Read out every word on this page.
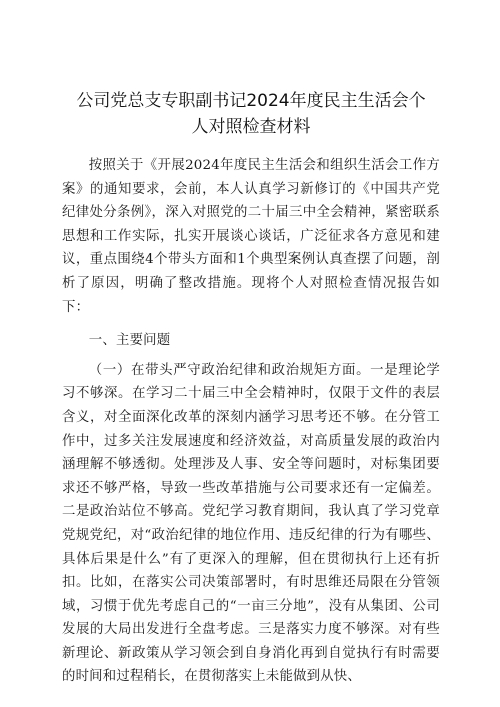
公司党总支专职副书记2024年度民主生活会个
人对照检查材料

按照关于《开展2024年度民主生活会和组织生活会工作方案》的通知要求，会前，本人认真学习新修订的《中国共产党纪律处分条例》，深入对照党的二十届三中全会精神，紧密联系思想和工作实际，扎实开展谈心谈话，广泛征求各方意见和建议，重点围绕4个带头方面和1个典型案例认真查摆了问题，剖析了原因，明确了整改措施。现将个人对照检查情况报告如下：

一、主要问题

（一）在带头严守政治纪律和政治规矩方面。一是理论学习不够深。在学习二十届三中全会精神时，仅限于文件的表层含义，对全面深化改革的深刻内涵学习思考还不够。在分管工作中，过多关注发展速度和经济效益，对高质量发展的政治内涵理解不够透彻。处理涉及人事、安全等问题时，对标集团要求还不够严格，导致一些改革措施与公司要求还有一定偏差。二是政治站位不够高。党纪学习教育期间，我认真了学习党章党规党纪，对“政治纪律的地位作用、违反纪律的行为有哪些、具体后果是什么”有了更深入的理解，但在贯彻执行上还有折扣。比如，在落实公司决策部署时，有时思维还局限在分管领域，习惯于优先考虑自己的“一亩三分地”，没有从集团、公司发展的大局出发进行全盘考虑。三是落实力度不够深。对有些新理论、新政策从学习领会到自身消化再到自觉执行有时需要的时间和过程稍长，在贯彻落实上未能做到从快、
